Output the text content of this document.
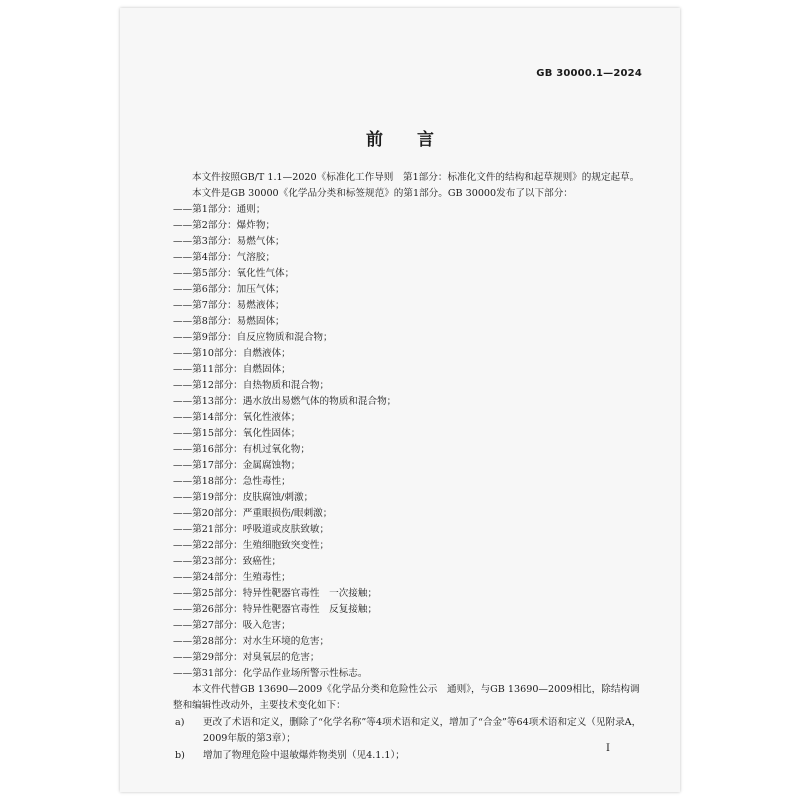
GB 30000.1—2024
前 言

本文件按照GB/T 1.1—2020《标准化工作导则　第1部分：标准化文件的结构和起草规则》的规定起草。

本文件是GB 30000《化学品分类和标签规范》的第1部分。GB 30000发布了以下部分：

——第1部分：通则；
——第2部分：爆炸物；
——第3部分：易燃气体；
——第4部分：气溶胶；
——第5部分：氧化性气体；
——第6部分：加压气体；
——第7部分：易燃液体；
——第8部分：易燃固体；
——第9部分：自反应物质和混合物；
——第10部分：自燃液体；
——第11部分：自燃固体；
——第12部分：自热物质和混合物；
——第13部分：遇水放出易燃气体的物质和混合物；
——第14部分：氧化性液体；
——第15部分：氧化性固体；
——第16部分：有机过氧化物；
——第17部分：金属腐蚀物；
——第18部分：急性毒性；
——第19部分：皮肤腐蚀/刺激；
——第20部分：严重眼损伤/眼刺激；
——第21部分：呼吸道或皮肤致敏；
——第22部分：生殖细胞致突变性；
——第23部分：致癌性；
——第24部分：生殖毒性；
——第25部分：特异性靶器官毒性　一次接触；
——第26部分：特异性靶器官毒性　反复接触；
——第27部分：吸入危害；
——第28部分：对水生环境的危害；
——第29部分：对臭氧层的危害；
——第31部分：化学品作业场所警示性标志。

本文件代替GB 13690—2009《化学品分类和危险性公示　通则》，与GB 13690—2009相比，除结构调整和编辑性改动外，主要技术变化如下：

a)	更改了术语和定义，删除了“化学名称”等4项术语和定义，增加了“合金”等64项术语和定义（见附录A，2009年版的第3章）；
b)	增加了物理危险中退敏爆炸物类别（见4.1.1）；
I
